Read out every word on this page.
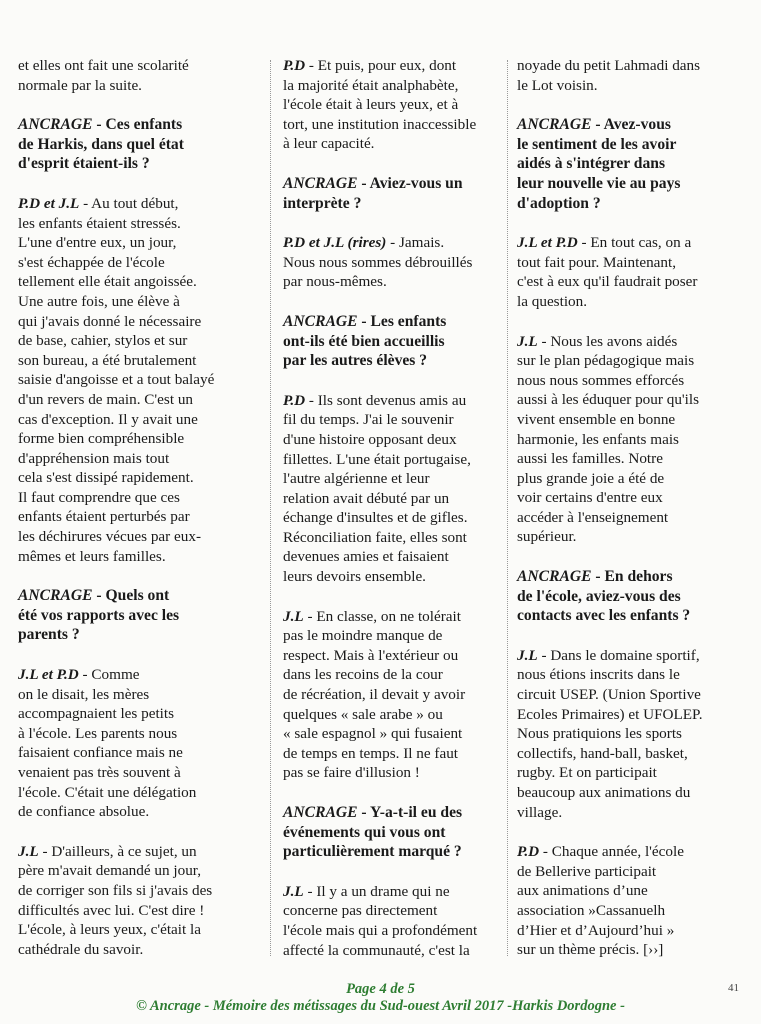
et elles ont fait une scolarité
normale par la suite.

ANCRAGE - Ces enfants
de Harkis, dans quel état
d'esprit étaient-ils ?

P.D et J.L - Au tout début,
les enfants étaient stressés.
L'une d'entre eux, un jour,
s'est échappée de l'école
tellement elle était angoissée.
Une autre fois, une élève à
qui j'avais donné le nécessaire
de base, cahier, stylos et sur
son bureau, a été brutalement
saisie d'angoisse et a tout balayé
d'un revers de main. C'est un
cas d'exception. Il y avait une
forme bien compréhensible
d'appréhension mais tout
cela s'est dissipé rapidement.
Il faut comprendre que ces
enfants étaient perturbés par
les déchirures vécues par eux-
mêmes et leurs familles.

ANCRAGE - Quels ont
été vos rapports avec les
parents ?

J.L et P.D - Comme
on le disait, les mères
accompagnaient les petits
à l'école. Les parents nous
faisaient confiance mais ne
venaient pas très souvent à
l'école. C'était une délégation
de confiance absolue.

J.L - D'ailleurs, à ce sujet, un
père m'avait demandé un jour,
de corriger son fils si j'avais des
difficultés avec lui. C'est dire !
L'école, à leurs yeux, c'était la
cathédrale du savoir.

P.D - Et puis, pour eux, dont
la majorité était analphabète,
l'école était à leurs yeux, et à
tort, une institution inaccessible
à leur capacité.

ANCRAGE - Aviez-vous un
interprète ?

P.D et J.L (rires) - Jamais.
Nous nous sommes débrouillés
par nous-mêmes.

ANCRAGE - Les enfants
ont-ils été bien accueillis
par les autres élèves ?

P.D - Ils sont devenus amis au
fil du temps. J'ai le souvenir
d'une histoire opposant deux
fillettes. L'une était portugaise,
l'autre algérienne et leur
relation avait débuté par un
échange d'insultes et de gifles.
Réconciliation faite, elles sont
devenues amies et faisaient
leurs devoirs ensemble.

J.L - En classe, on ne tolérait
pas le moindre manque de
respect. Mais à l'extérieur ou
dans les recoins de la cour
de récréation, il devait y avoir
quelques « sale arabe » ou
« sale espagnol » qui fusaient
de temps en temps. Il ne faut
pas se faire d'illusion !

ANCRAGE - Y-a-t-il eu des
événements qui vous ont
particulièrement marqué ?

J.L - Il y a un drame qui ne
concerne pas directement
l'école mais qui a profondément
affecté la communauté, c'est la

noyade du petit Lahmadi dans
le Lot voisin.

ANCRAGE - Avez-vous
le sentiment de les avoir
aidés à s'intégrer dans
leur nouvelle vie au pays
d'adoption ?

J.L et P.D - En tout cas, on a
tout fait pour. Maintenant,
c'est à eux qu'il faudrait poser
la question.

J.L - Nous les avons aidés
sur le plan pédagogique mais
nous nous sommes efforcés
aussi à les éduquer pour qu'ils
vivent ensemble en bonne
harmonie, les enfants mais
aussi les familles. Notre
plus grande joie a été de
voir certains d'entre eux
accéder à l'enseignement
supérieur.

ANCRAGE - En dehors
de l'école, aviez-vous des
contacts avec les enfants ?

J.L - Dans le domaine sportif,
nous étions inscrits dans le
circuit USEP. (Union Sportive
Ecoles Primaires) et UFOLEP.
Nous pratiquions les sports
collectifs, hand-ball, basket,
rugby. Et on participait
beaucoup aux animations du
village.

P.D - Chaque année, l'école
de Bellerive participait
aux animations d’une
association »Cassanuelh
d’Hier et d’Aujourd’hui »
sur un thème précis. [››]

Page 4 de 5
© Ancrage - Mémoire des métissages du Sud-ouest Avril 2017 -Harkis Dordogne -
41
